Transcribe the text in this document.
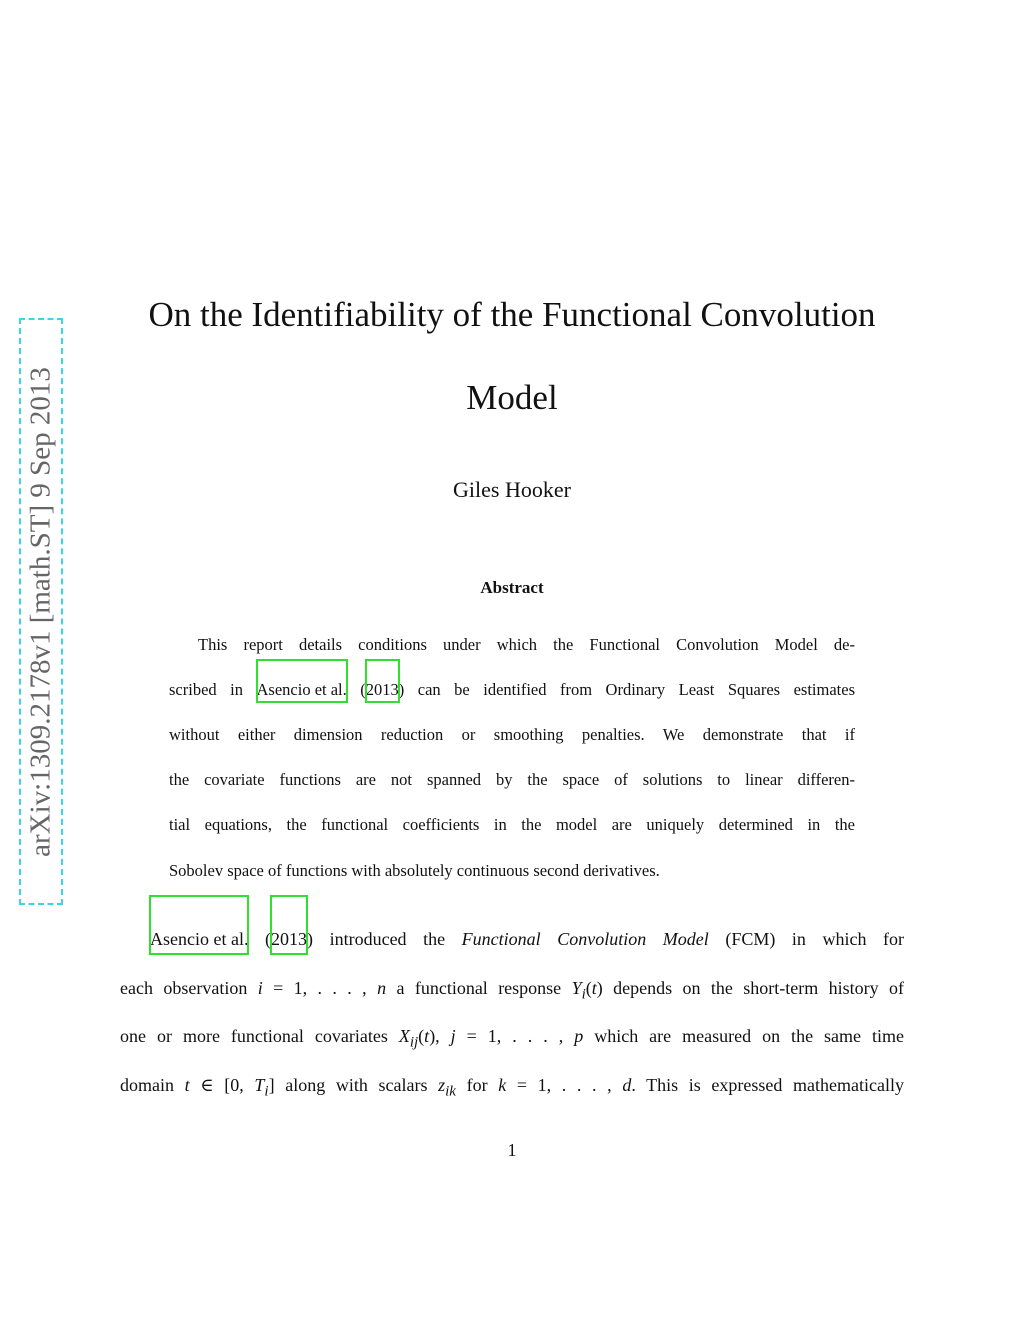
arXiv:1309.2178v1 [math.ST] 9 Sep 2013
On the Identifiability of the Functional Convolution
Model
Giles Hooker
Abstract
This report details conditions under which the Functional Convolution Model de-
scribed in Asencio et al. (2013) can be identified from Ordinary Least Squares estimates
without either dimension reduction or smoothing penalties. We demonstrate that if
the covariate functions are not spanned by the space of solutions to linear differen-
tial equations, the functional coefficients in the model are uniquely determined in the
Sobolev space of functions with absolutely continuous second derivatives.
Asencio et al. (2013) introduced the Functional Convolution Model (FCM) in which for
each observation i = 1, . . . , n a functional response $Y_i(t)$ depends on the short-term history of
one or more functional covariates $X_{ij}(t)$, j = 1, . . . , p which are measured on the same time
domain t ∈ [0, $T_i$] along with scalars $z_{ik}$ for k = 1, . . . , d. This is expressed mathematically
1
